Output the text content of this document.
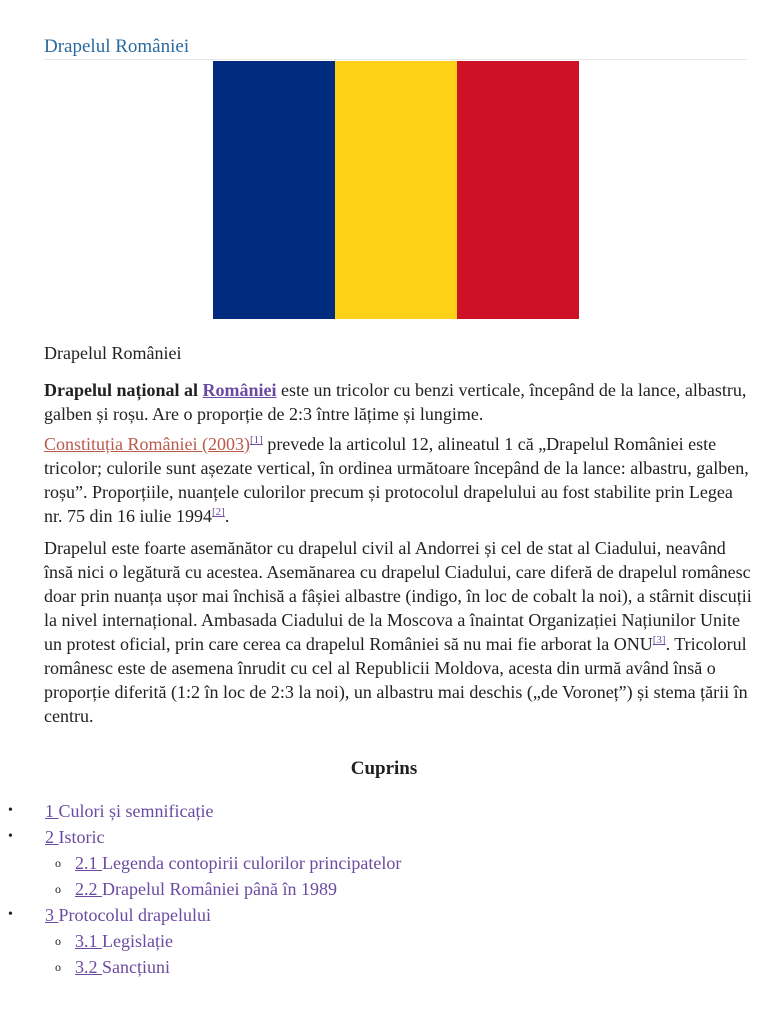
Drapelul României
Drapelul României

Drapelul național al României este un tricolor cu benzi verticale, începând de la lance, albastru, galben și roșu. Are o proporție de 2:3 între lățime și lungime.

Constituția României (2003)[1] prevede la articolul 12, alineatul 1 că „Drapelul României este tricolor; culorile sunt așezate vertical, în ordinea următoare începând de la lance: albastru, galben, roșu”. Proporțiile, nuanțele culorilor precum și protocolul drapelului au fost stabilite prin Legea nr. 75 din 16 iulie 1994[2].

Drapelul este foarte asemănător cu drapelul civil al Andorrei și cel de stat al Ciadului, neavând însă nici o legătură cu acestea. Asemănarea cu drapelul Ciadului, care diferă de drapelul românesc doar prin nuanța ușor mai închisă a fâșiei albastre (indigo, în loc de cobalt la noi), a stârnit discuții la nivel internațional. Ambasada Ciadului de la Moscova a înaintat Organizației Națiunilor Unite un protest oficial, prin care cerea ca drapelul României să nu mai fie arborat la ONU[3]. Tricolorul românesc este de asemena înrudit cu cel al Republicii Moldova, acesta din urmă având însă o proporție diferită (1:2 în loc de 2:3 la noi), un albastru mai deschis („de Voroneț”) și stema țării în centru.

Cuprins
• 1 Culori și semnificație
• 2 Istoric
o 2.1 Legenda contopirii culorilor principatelor
o 2.2 Drapelul României până în 1989
• 3 Protocolul drapelului
o 3.1 Legislație
o 3.2 Sancțiuni
